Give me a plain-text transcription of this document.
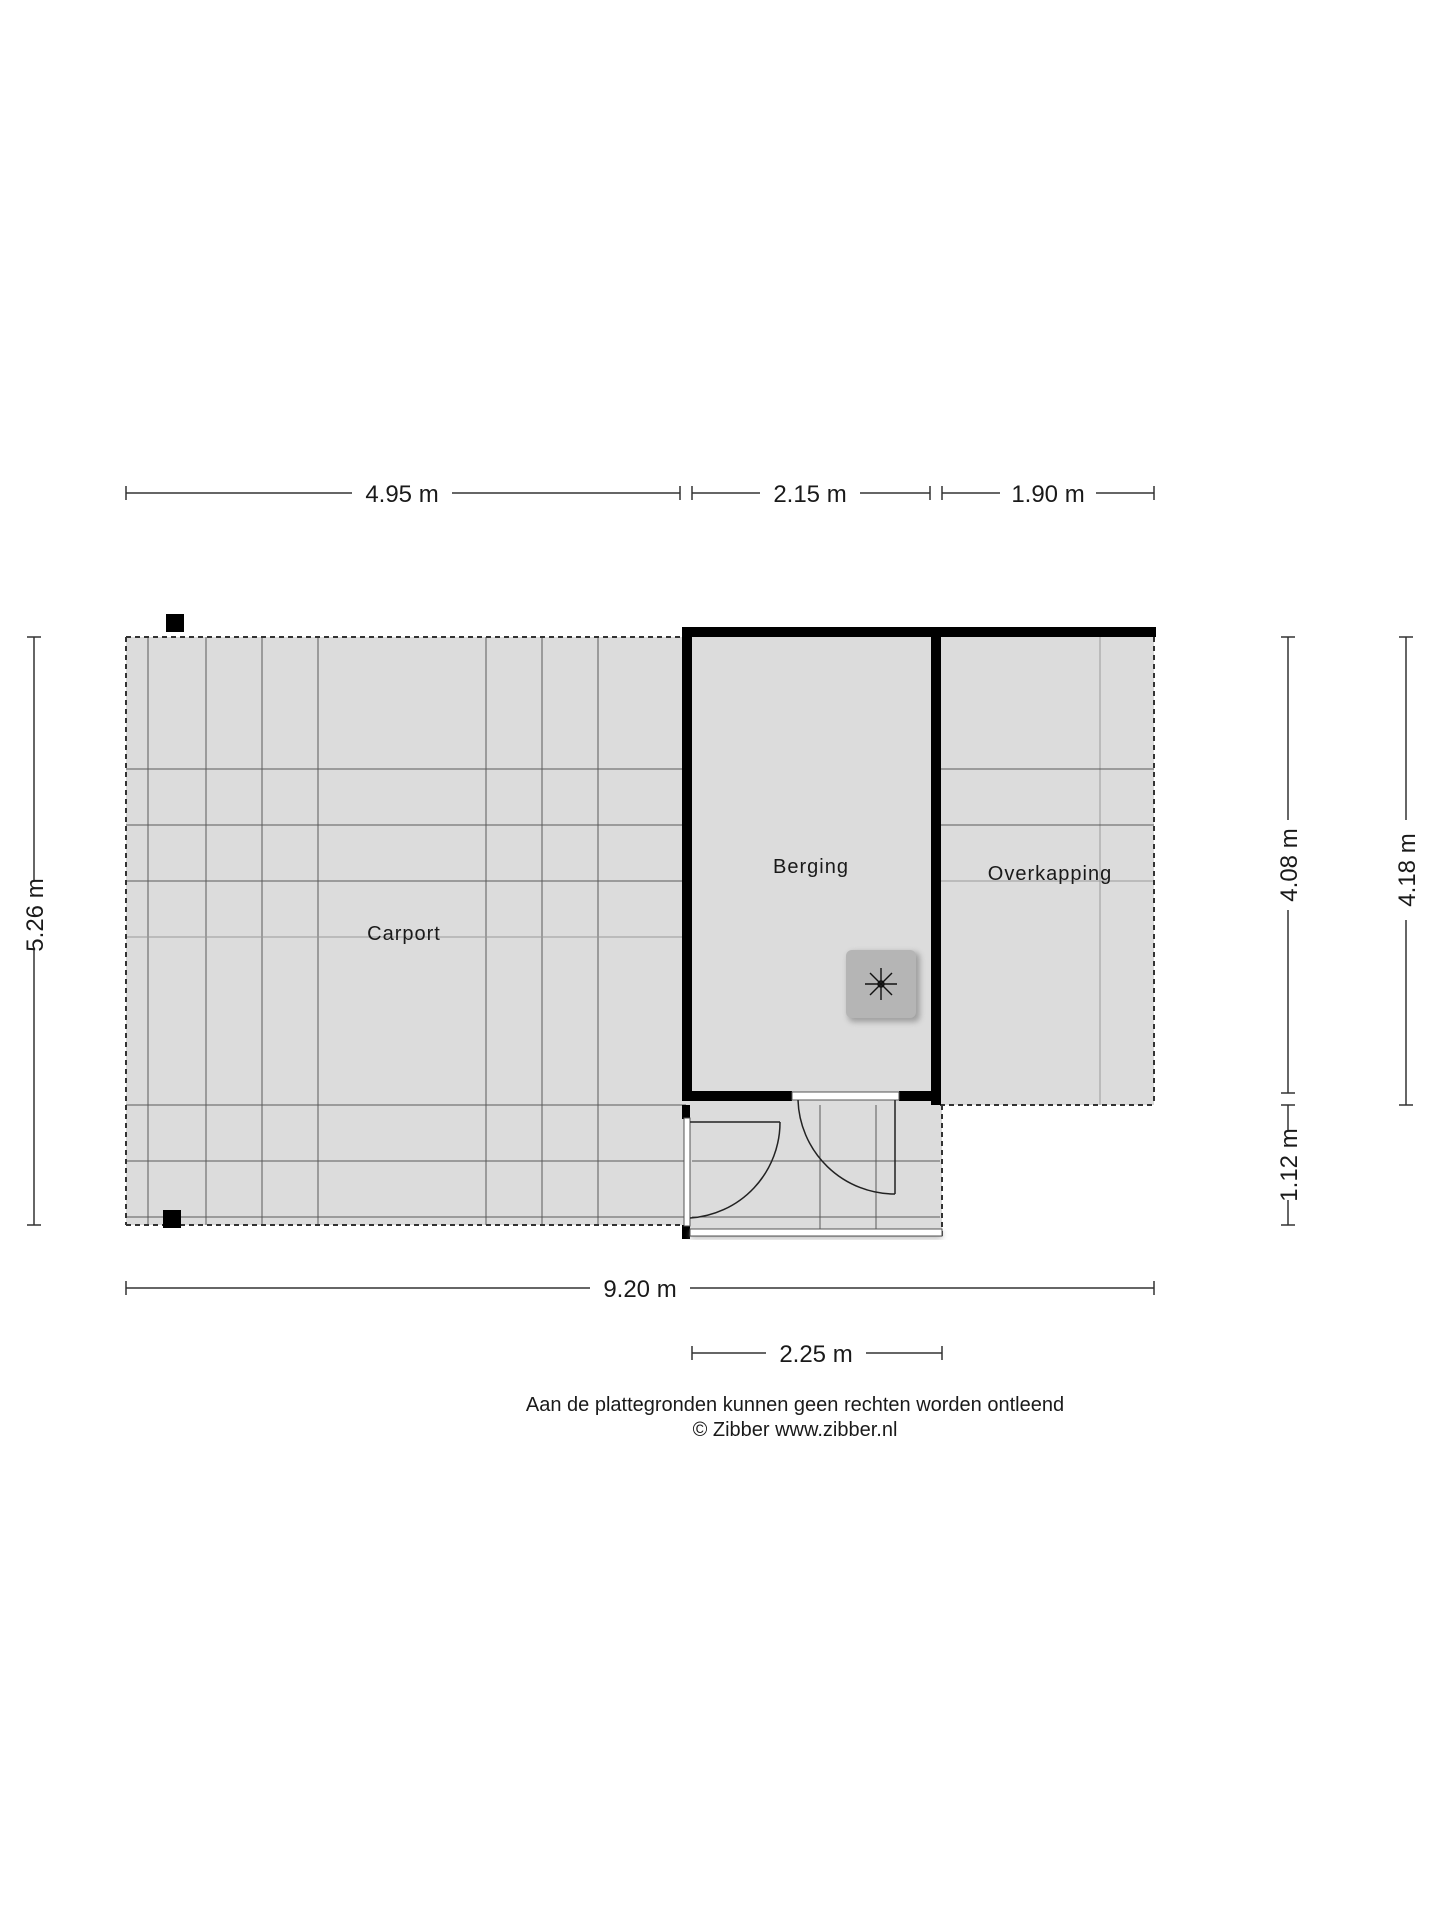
Carport
Berging	Overkapping
4.95 m	2.15 m	1.90 m
5.26 m
4.08 m
1.12 m
4.18 m
9.20 m
2.25 m
Aan de plattegronden kunnen geen rechten worden ontleend
© Zibber www.zibber.nl
